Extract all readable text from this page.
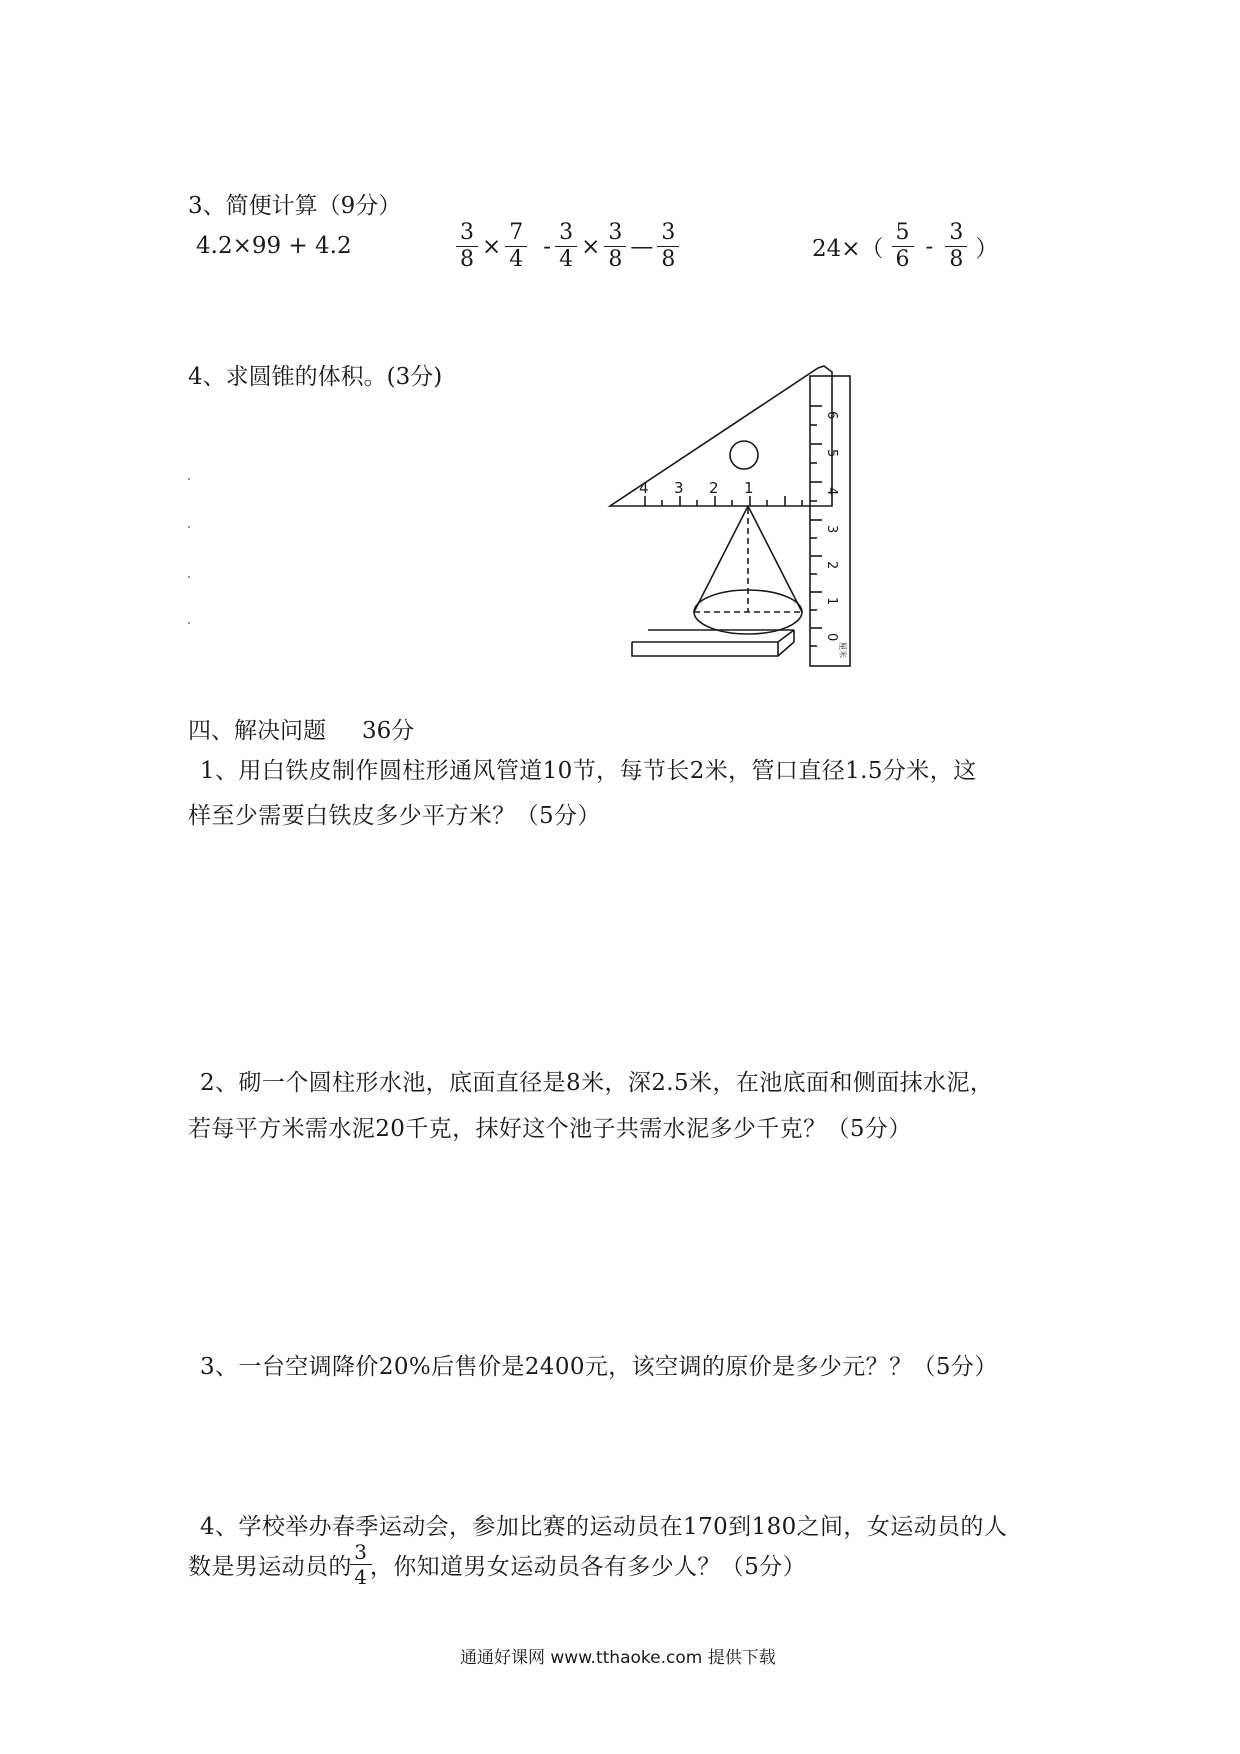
3、简便计算（9分）
4.2×99 + 4.2	$\frac{3}{8} \times \frac{7}{4} - \frac{3}{4} \times \frac{3}{8}$ — $\frac{3}{8}$	$24\times( \frac{5}{6} - \frac{3}{8}$ ）
4、求圆锥的体积。(3分)
4 3 2 1
6
5
4
3
2
1
0
厘米
四、解决问题 36分
1、用白铁皮制作圆柱形通风管道10节，每节长2米，管口直径1.5分米，这
样至少需要白铁皮多少平方米？（5分）
2、砌一个圆柱形水池，底面直径是8米，深2.5米，在池底面和侧面抹水泥，
若每平方米需水泥20千克，抹好这个池子共需水泥多少千克？（5分）
3、一台空调降价20%后售价是2400元，该空调的原价是多少元？？（5分）
4、学校举办春季运动会，参加比赛的运动员在170到180之间，女运动员的人
数是男运动员的 $\frac{3}{4}$ ，你知道男女运动员各有多少人？（5分）
通通好课网 www.tthaoke.com 提供下载
